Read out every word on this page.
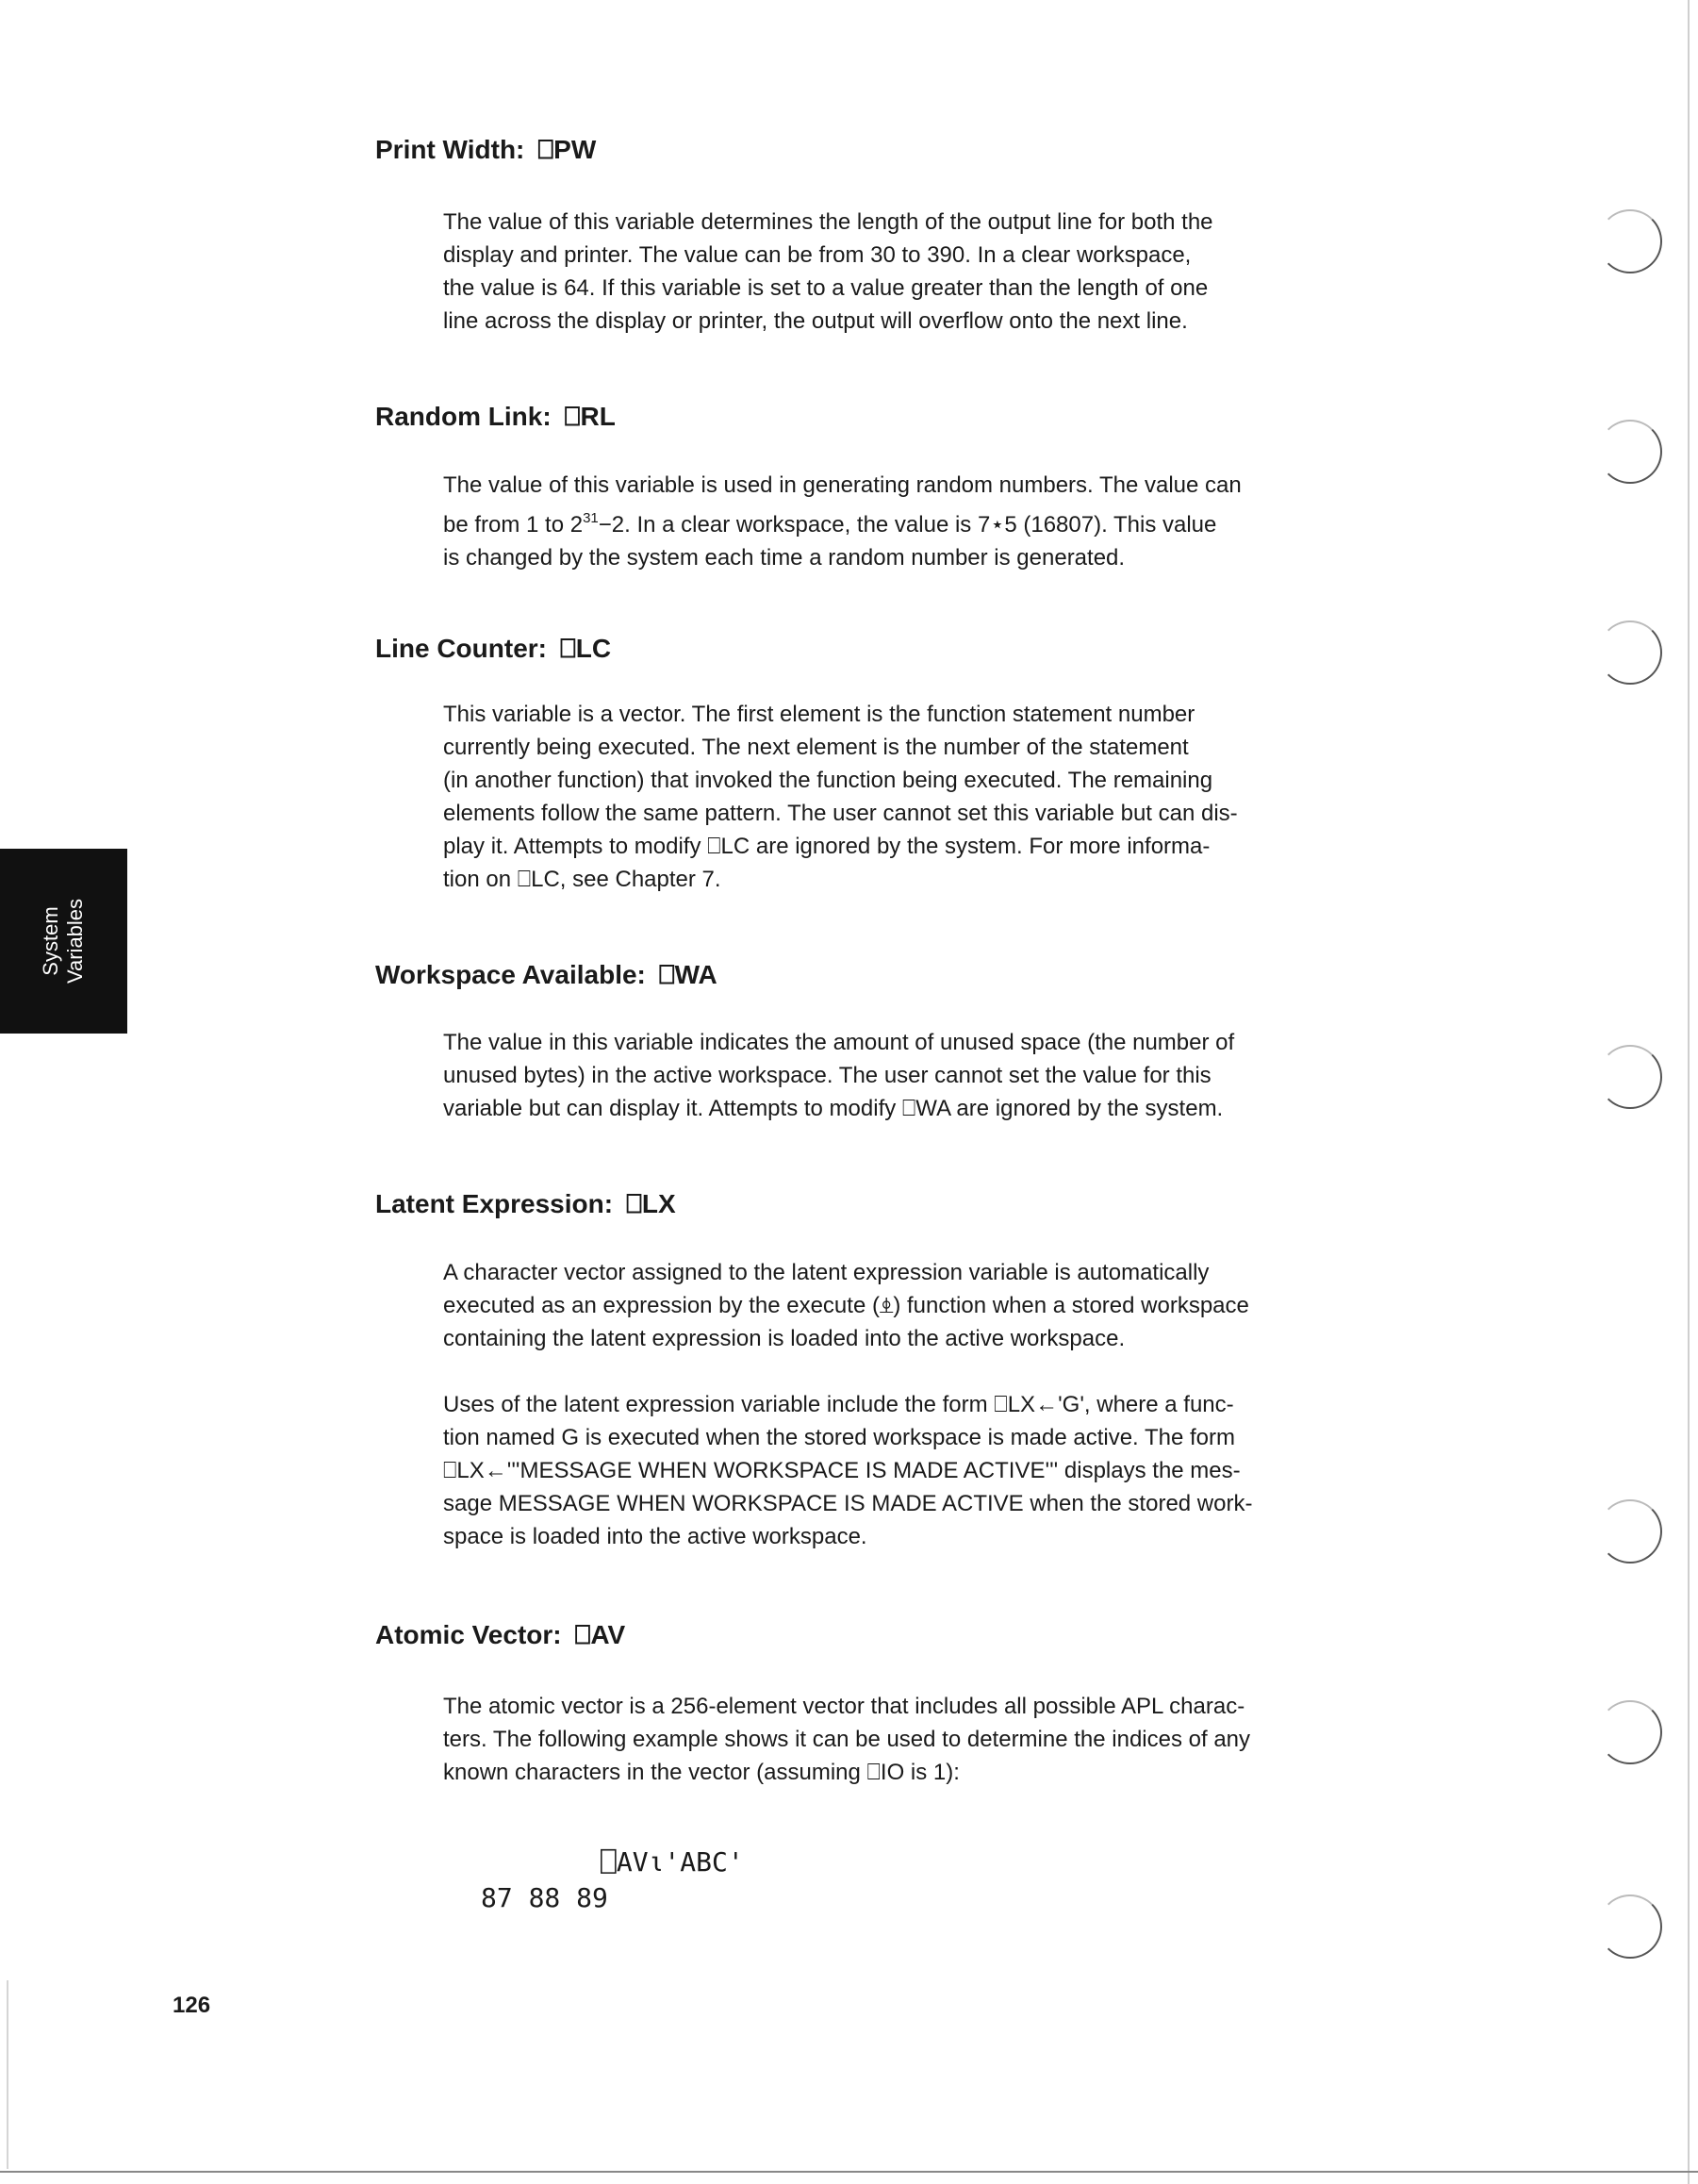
Print Width: ⎕PW
The value of this variable determines the length of the output line for both the
display and printer. The value can be from 30 to 390. In a clear workspace,
the value is 64. If this variable is set to a value greater than the length of one
line across the display or printer, the output will overflow onto the next line.
Random Link: ⎕RL
The value of this variable is used in generating random numbers. The value can
be from 1 to $2^{31}-2$. In a clear workspace, the value is 7⋆5 (16807). This value
is changed by the system each time a random number is generated.
Line Counter: ⎕LC
This variable is a vector. The first element is the function statement number
currently being executed. The next element is the number of the statement
(in another function) that invoked the function being executed. The remaining
elements follow the same pattern. The user cannot set this variable but can dis-
play it. Attempts to modify ⎕LC are ignored by the system. For more informa-
tion on ⎕LC, see Chapter 7.
Workspace Available: ⎕WA
The value in this variable indicates the amount of unused space (the number of
unused bytes) in the active workspace. The user cannot set the value for this
variable but can display it. Attempts to modify ⎕WA are ignored by the system.
Latent Expression: ⎕LX
A character vector assigned to the latent expression variable is automatically
executed as an expression by the execute (⍎) function when a stored workspace
containing the latent expression is loaded into the active workspace.
Uses of the latent expression variable include the form ⎕LX←'G', where a func-
tion named G is executed when the stored workspace is made active. The form
⎕LX←'''MESSAGE WHEN WORKSPACE IS MADE ACTIVE''' displays the mes-
sage MESSAGE WHEN WORKSPACE IS MADE ACTIVE when the stored work-
space is loaded into the active workspace.
Atomic Vector: ⎕AV
The atomic vector is a 256-element vector that includes all possible APL charac-
ters. The following example shows it can be used to determine the indices of any
known characters in the vector (assuming ⎕IO is 1):
⎕AV⍳'ABC'
87 88 89
System Variables
126
